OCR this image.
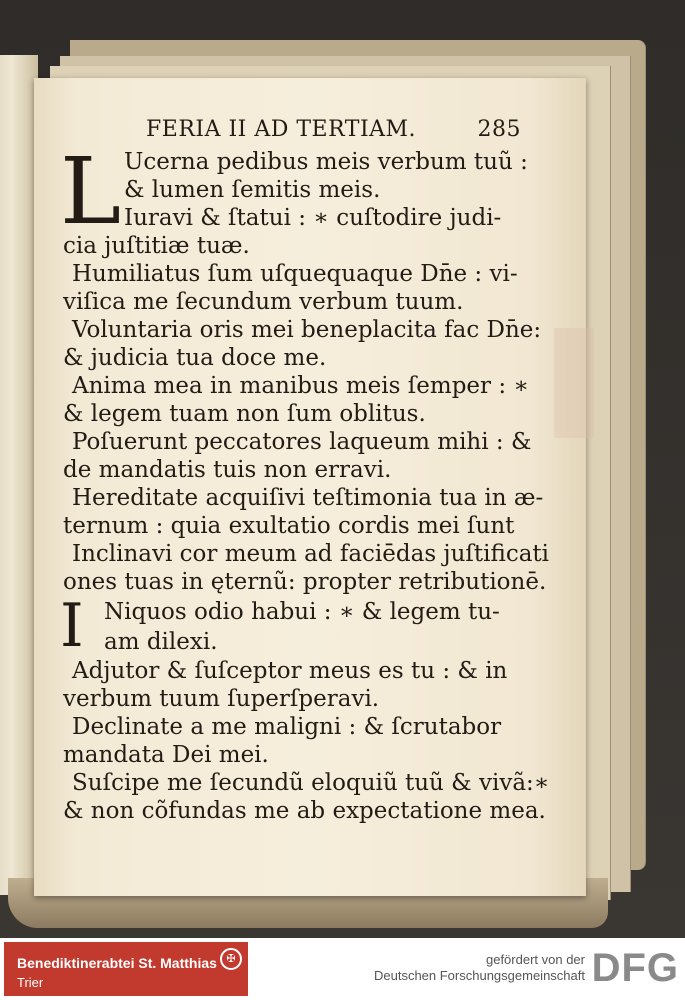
FERIA II AD TERTIAM.	285
L
I
Ucerna pedibus meis verbum tuũ :
& lumen ſemitis meis.
Iuravi & ſtatui : ∗ cuſtodire judi-
cia juſtitiæ tuæ.
Humiliatus ſum uſquequaque Dn̄e : vi-
viſica me ſecundum verbum tuum.
Voluntaria oris mei beneplacita fac Dn̄e:
& judicia tua doce me.
Anima mea in manibus meis ſemper : ∗
& legem tuam non ſum oblitus.
Poſuerunt peccatores laqueum mihi : &
de mandatis tuis non erravi.
Hereditate acquiſivi teſtimonia tua in æ-
ternum : quia exultatio cordis mei ſunt
Inclinavi cor meum ad faciēdas juſtificati
ones tuas in ęternũ: propter retributionē.
Niquos odio habui : ∗ & legem tu-
am dilexi.
Adjutor & ſuſceptor meus es tu : & in
verbum tuum ſuperſperavi.
Declinate a me maligni : & ſcrutabor
mandata Dei mei.
Suſcipe me ſecundũ eloquiũ tuũ & vivã:∗
& non cõfundas me ab expectatione mea.
Benediktinerabtei St. Matthias
Trier
✠	gefördert von der
Deutschen Forschungsgemeinschaft DFG
